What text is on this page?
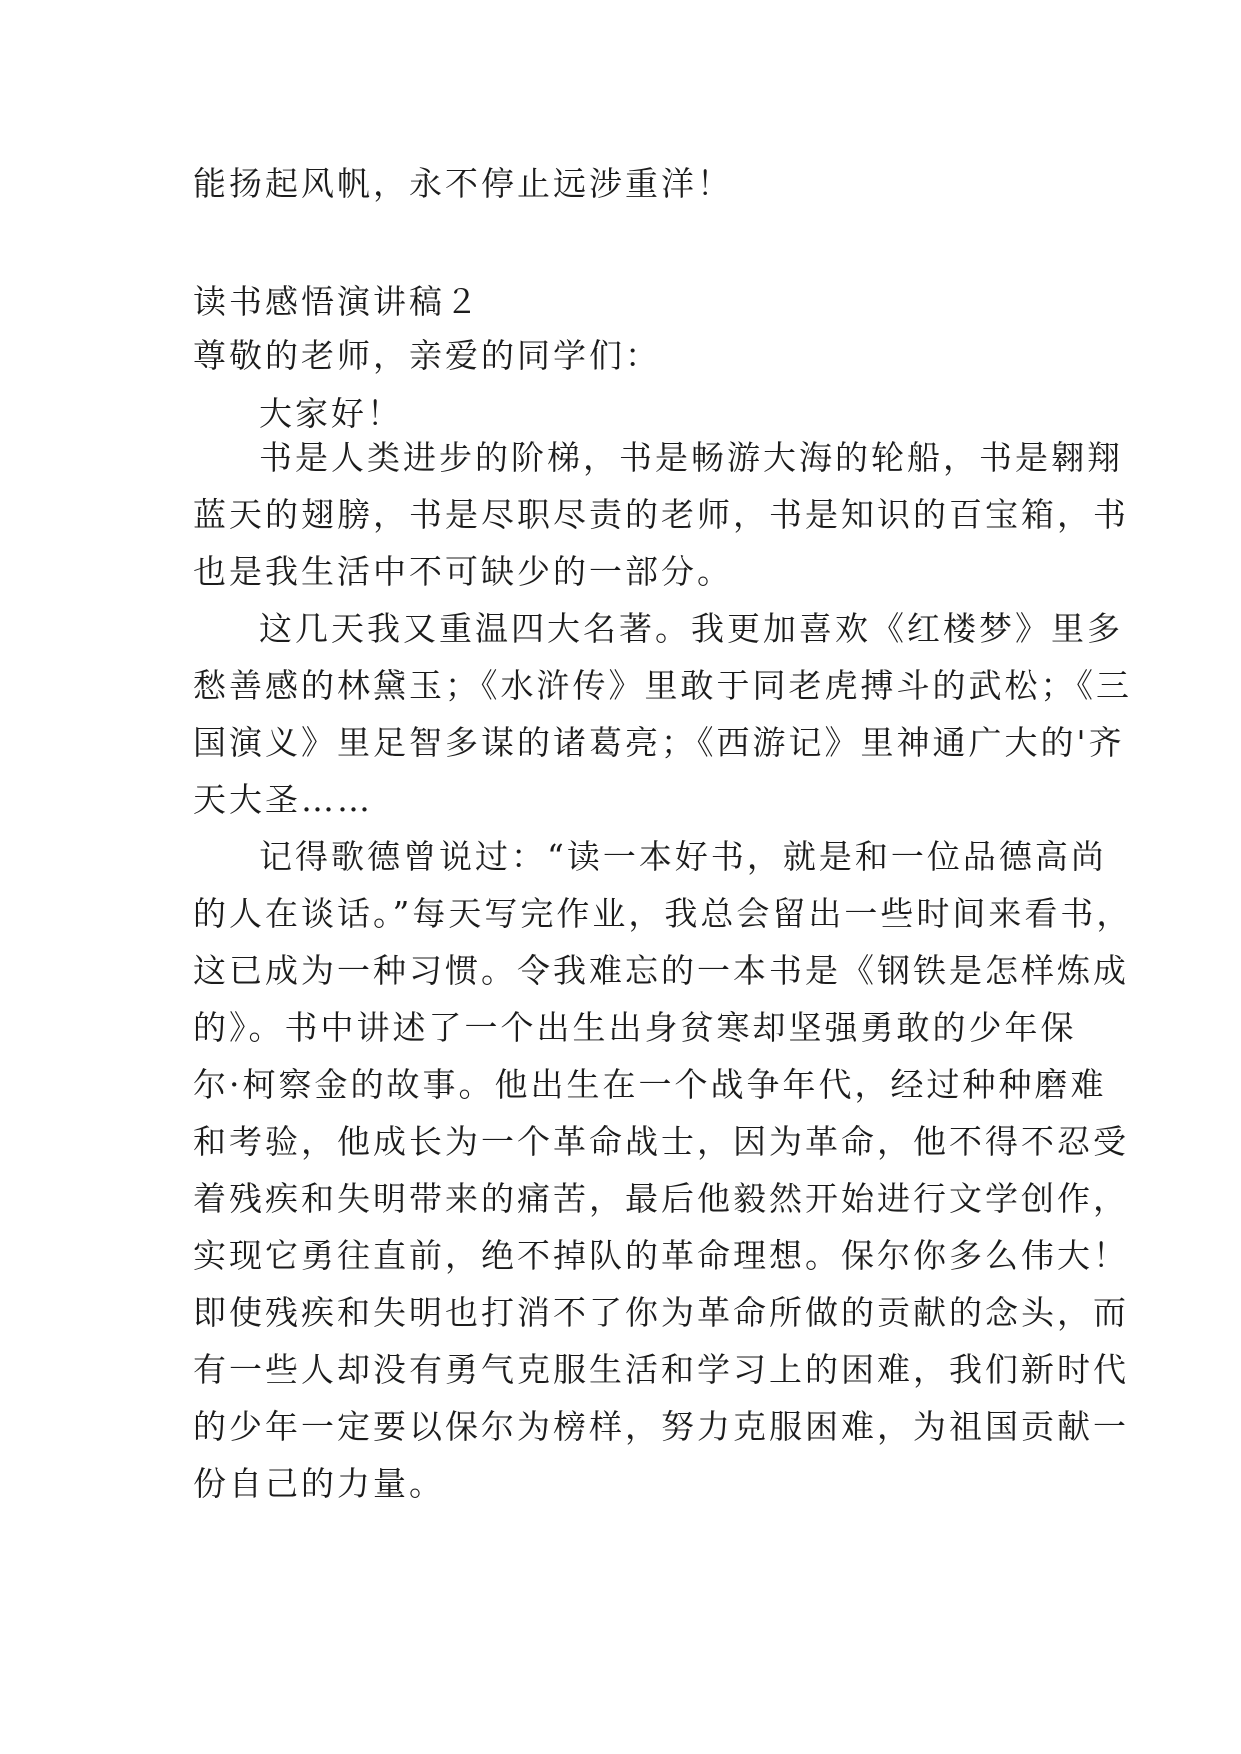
能扬起风帆，永不停止远涉重洋！
读书感悟演讲稿２
尊敬的老师，亲爱的同学们：
大家好！
书是人类进步的阶梯，书是畅游大海的轮船，书是翱翔
蓝天的翅膀，书是尽职尽责的老师，书是知识的百宝箱，书
也是我生活中不可缺少的一部分。
这几天我又重温四大名著。我更加喜欢《红楼梦》里多
愁善感的林黛玉；《水浒传》里敢于同老虎搏斗的武松；《三
国演义》里足智多谋的诸葛亮；《西游记》里神通广大的'齐
天大圣……
记得歌德曾说过：“读一本好书，就是和一位品德高尚
的人在谈话。”每天写完作业，我总会留出一些时间来看书，
这已成为一种习惯。令我难忘的一本书是《钢铁是怎样炼成
的》。书中讲述了一个出生出身贫寒却坚强勇敢的少年保
尔·柯察金的故事。他出生在一个战争年代，经过种种磨难
和考验，他成长为一个革命战士，因为革命，他不得不忍受
着残疾和失明带来的痛苦，最后他毅然开始进行文学创作，
实现它勇往直前，绝不掉队的革命理想。保尔你多么伟大！
即使残疾和失明也打消不了你为革命所做的贡献的念头，而
有一些人却没有勇气克服生活和学习上的困难，我们新时代
的少年一定要以保尔为榜样，努力克服困难，为祖国贡献一
份自己的力量。
